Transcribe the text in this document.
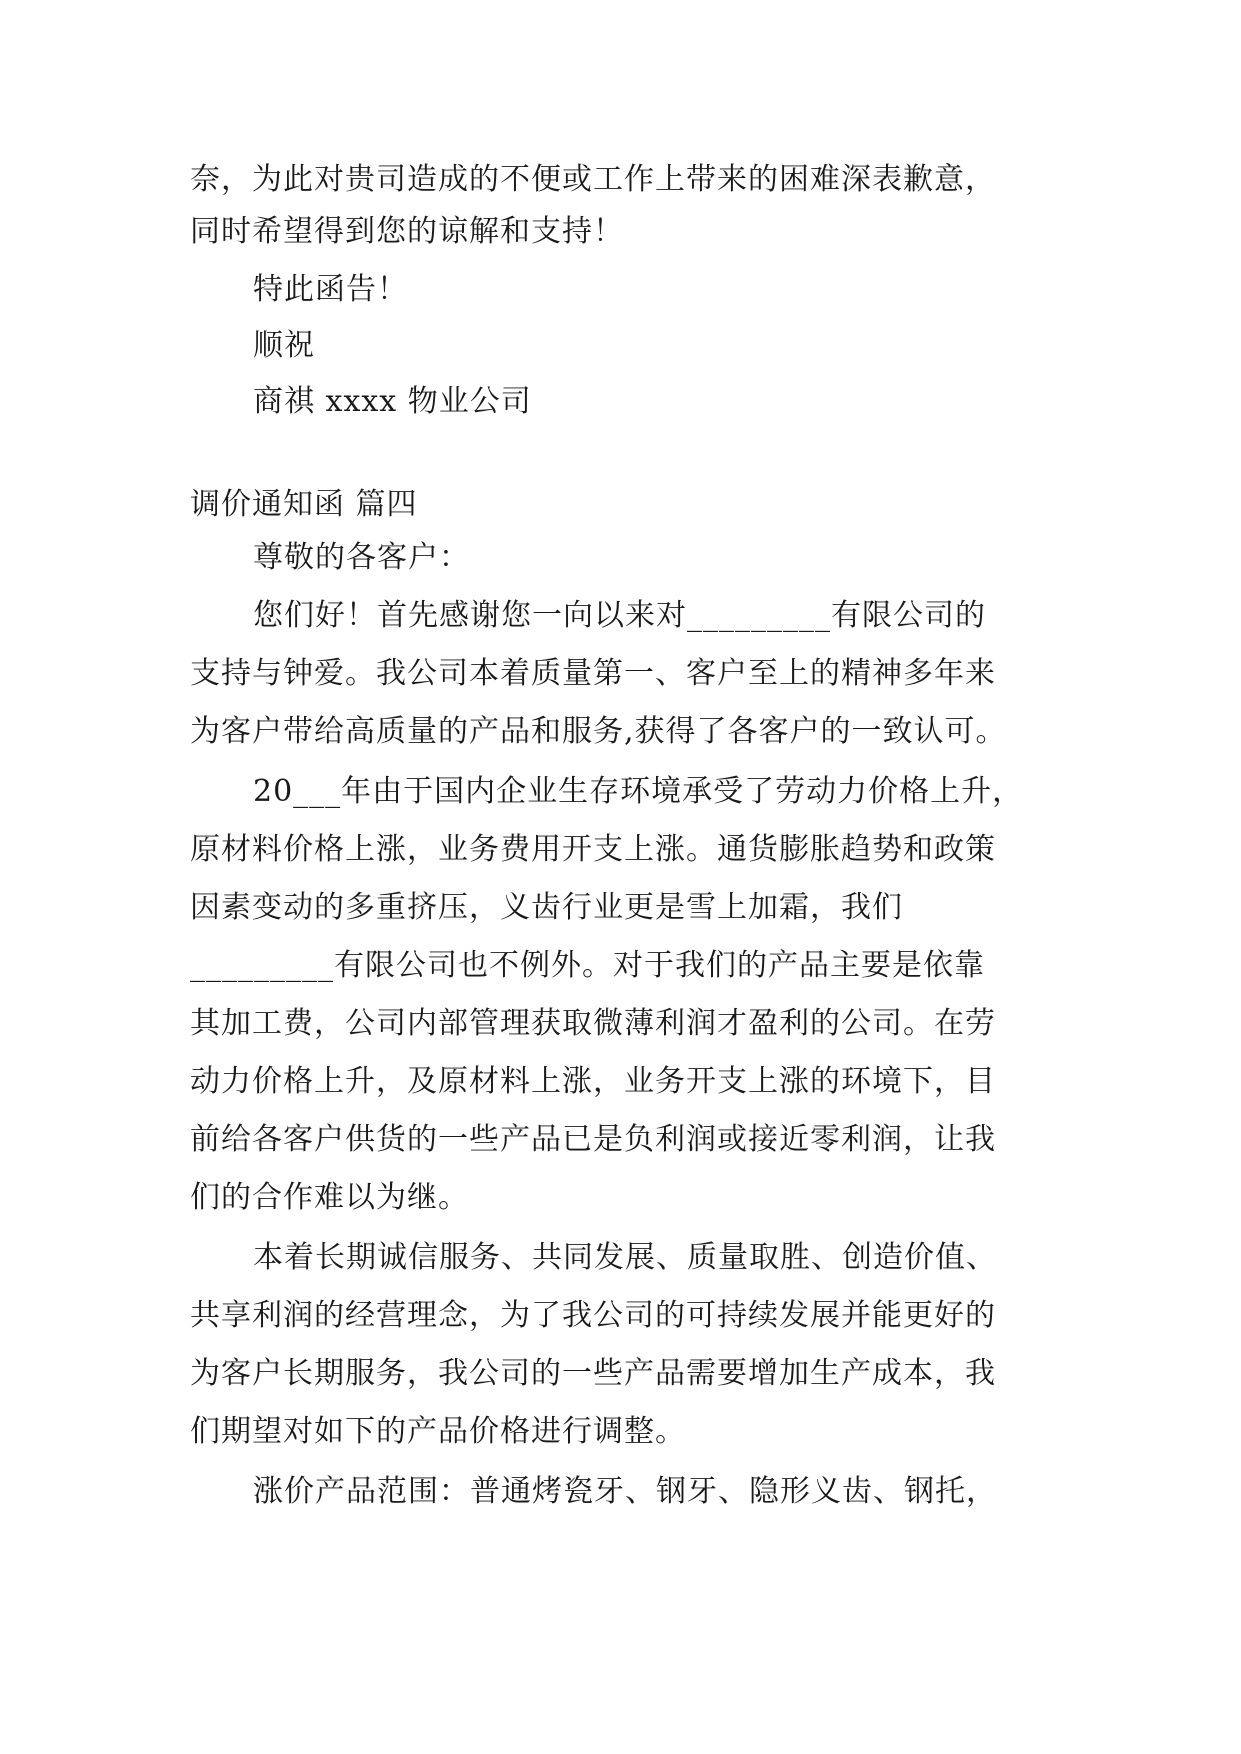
奈，为此对贵司造成的不便或工作上带来的困难深表歉意，
同时希望得到您的谅解和支持！
特此函告！
顺祝
商祺 xxxx 物业公司
调价通知函 篇四
尊敬的各客户：
您们好！首先感谢您一向以来对_________有限公司的
支持与钟爱。我公司本着质量第一、客户至上的精神多年来
为客户带给高质量的产品和服务,获得了各客户的一致认可。
20___年由于国内企业生存环境承受了劳动力价格上升，
原材料价格上涨，业务费用开支上涨。通货膨胀趋势和政策
因素变动的多重挤压，义齿行业更是雪上加霜，我们
_________有限公司也不例外。对于我们的产品主要是依靠
其加工费，公司内部管理获取微薄利润才盈利的公司。在劳
动力价格上升，及原材料上涨，业务开支上涨的环境下，目
前给各客户供货的一些产品已是负利润或接近零利润，让我
们的合作难以为继。
本着长期诚信服务、共同发展、质量取胜、创造价值、
共享利润的经营理念，为了我公司的可持续发展并能更好的
为客户长期服务，我公司的一些产品需要增加生产成本，我
们期望对如下的产品价格进行调整。
涨价产品范围：普通烤瓷牙、钢牙、隐形义齿、钢托，
